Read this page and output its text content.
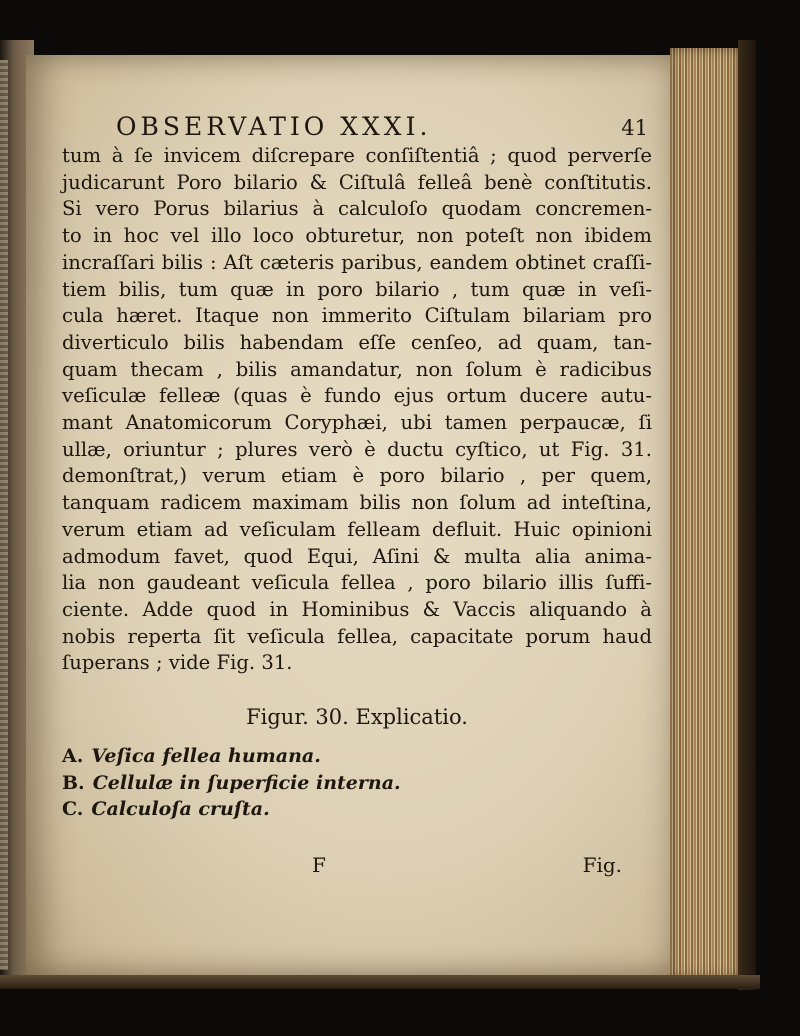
OBSERVATIO XXXI.	41
tum à ſe invicem diſcrepare conſiſtentiâ ; quod perverſe
judicarunt Poro bilario & Ciſtulâ felleâ benè conſtitutis.
Si vero Porus bilarius à calculoſo quodam concremen-
to in hoc vel illo loco obturetur, non poteſt non ibidem
incraſſari bilis : Aſt cæteris paribus, eandem obtinet craſſi-
tiem bilis, tum quæ in poro bilario , tum quæ in veſi-
cula hæret. Itaque non immerito Ciſtulam bilariam pro
diverticulo bilis habendam eſſe cenſeo, ad quam, tan-
quam thecam , bilis amandatur, non ſolum è radicibus
veſiculæ felleæ (quas è fundo ejus ortum ducere autu-
mant Anatomicorum Coryphæi, ubi tamen perpaucæ, ſi
ullæ, oriuntur ; plures verò è ductu cyſtico, ut Fig. 31.
demonſtrat,) verum etiam è poro bilario , per quem,
tanquam radicem maximam bilis non ſolum ad inteſtina,
verum etiam ad veſiculam felleam defluit. Huic opinioni
admodum favet, quod Equi, Aſini & multa alia anima-
lia non gaudeant veſicula fellea , poro bilario illis ſuffi-
ciente. Adde quod in Hominibus & Vaccis aliquando à
nobis reperta ſit veſicula fellea, capacitate porum haud
ſuperans ; vide Fig. 31.
Figur. 30. Explicatio.
A. Veſica fellea humana.
B. Cellulæ in ſuperficie interna.
C. Calculoſa cruſta.
F	Fig.
